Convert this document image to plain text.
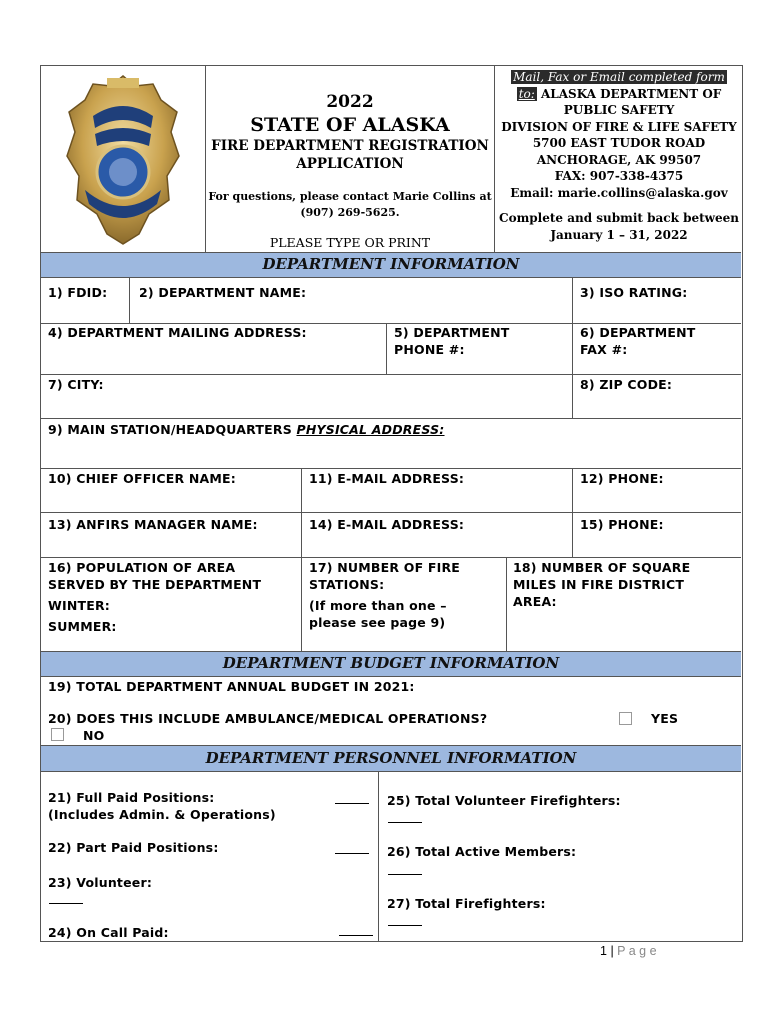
2022
STATE OF ALASKA
FIRE DEPARTMENT REGISTRATION
APPLICATION
For questions, please contact Marie Collins at
(907) 269-5625.
PLEASE TYPE OR PRINT
Mail, Fax or Email completed form
to: ALASKA DEPARTMENT OF
PUBLIC SAFETY
DIVISION OF FIRE & LIFE SAFETY
5700 EAST TUDOR ROAD
ANCHORAGE, AK 99507
FAX: 907-338-4375
Email: marie.collins@alaska.gov
Complete and submit back between
January 1 – 31, 2022
DEPARTMENT INFORMATION
1) FDID:	2) DEPARTMENT NAME:	3) ISO RATING:
4) DEPARTMENT MAILING ADDRESS:	5) DEPARTMENT
PHONE #:
6) DEPARTMENT
FAX #:
7) CITY:	8) ZIP CODE:
9) MAIN STATION/HEADQUARTERS PHYSICAL ADDRESS:
10) CHIEF OFFICER NAME:	11) E-MAIL ADDRESS:	12) PHONE:
13) ANFIRS MANAGER NAME:	14) E-MAIL ADDRESS:	15) PHONE:
16) POPULATION OF AREA
SERVED BY THE DEPARTMENT
WINTER:
SUMMER:
17) NUMBER OF FIRE
STATIONS:
(If more than one –
please see page 9)
18) NUMBER OF SQUARE
MILES IN FIRE DISTRICT
AREA:
DEPARTMENT BUDGET INFORMATION
19) TOTAL DEPARTMENT ANNUAL BUDGET IN 2021:
20) DOES THIS INCLUDE AMBULANCE/MEDICAL OPERATIONS?	YES
NO
DEPARTMENT PERSONNEL INFORMATION
21) Full Paid Positions:
(Includes Admin. & Operations)
22) Part Paid Positions:
23) Volunteer:
24) On Call Paid:
25) Total Volunteer Firefighters:
26) Total Active Members:
27) Total Firefighters:
1 | P a g e
